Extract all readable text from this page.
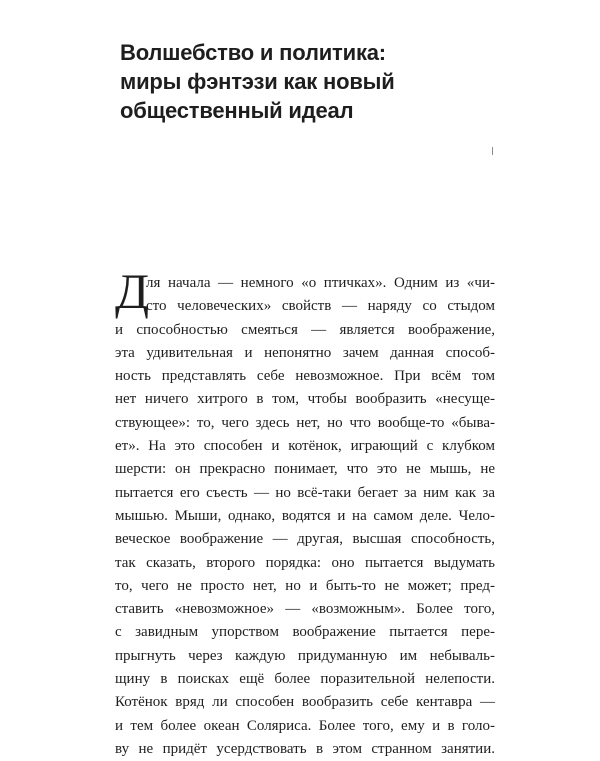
Волшебство и политика:
миры фэнтэзи как новый
общественный идеал
Д
ля начала — немного «о птичках». Одним из «чи-
сто человеческих» свойств — наряду со стыдом
и способностью смеяться — является воображение,
эта удивительная и непонятно зачем данная способ-
ность представлять себе невозможное. При всём том
нет ничего хитрого в том, чтобы вообразить «несуще-
ствующее»: то, чего здесь нет, но что вообще-то «быва-
ет». На это способен и котёнок, играющий с клубком
шерсти: он прекрасно понимает, что это не мышь, не
пытается его съесть — но всё-таки бегает за ним как за
мышью. Мыши, однако, водятся и на самом деле. Чело-
веческое воображение — другая, высшая способность,
так сказать, второго порядка: оно пытается выдумать
то, чего не просто нет, но и быть-то не может; пред-
ставить «невозможное» — «возможным». Более того,
с завидным упорством воображение пытается пере-
прыгнуть через каждую придуманную им небываль-
щину в поисках ещё более поразительной нелепости.
Котёнок вряд ли способен вообразить себе кентавра —
и тем более океан Соляриса. Более того, ему и в голо-
ву не придёт усердствовать в этом странном занятии.
